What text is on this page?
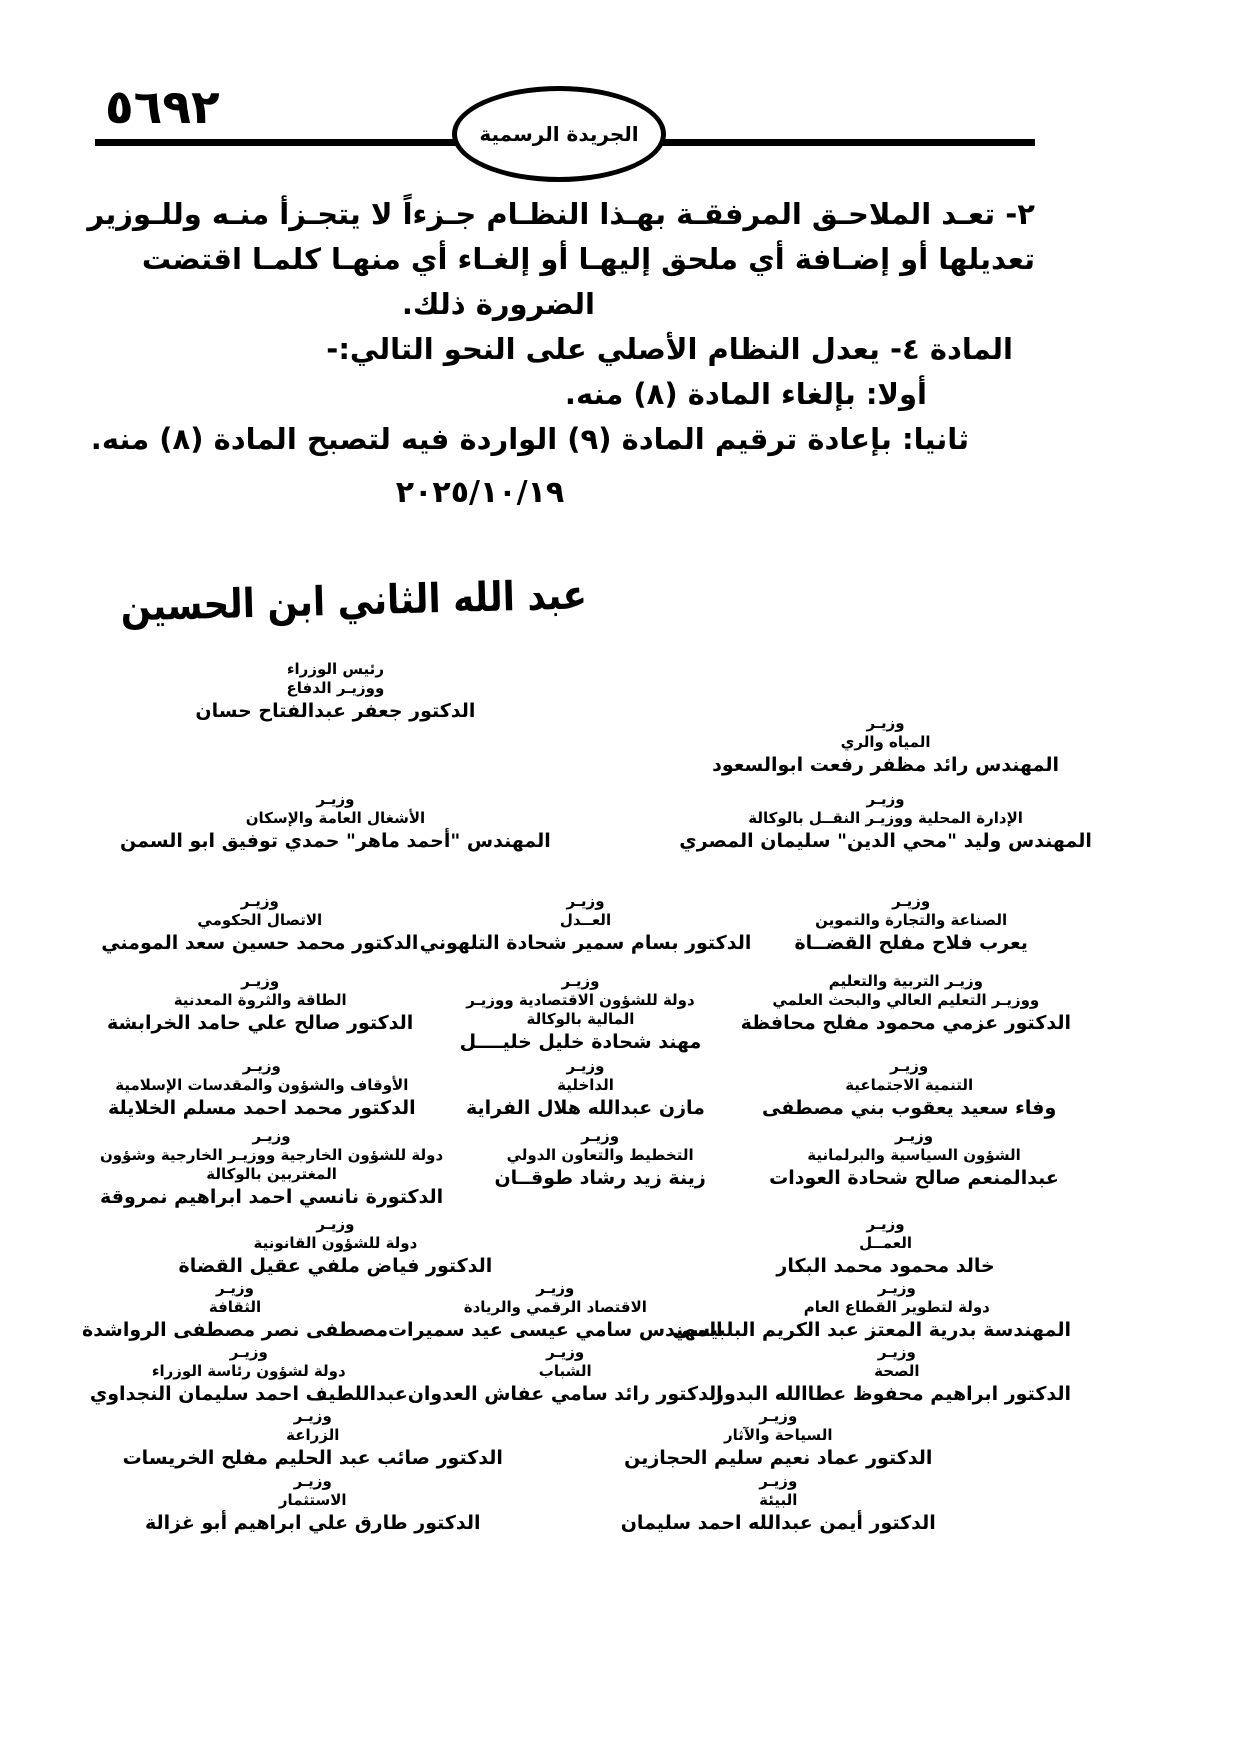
٥٦٩٢	الجريدة الرسمية
٢- تعـد الملاحـق المرفقـة بهـذا النظـام جـزءاً لا يتجـزأ منـه وللـوزير
تعديلها أو إضـافة أي ملحق إليهـا أو إلغـاء أي منهـا كلمـا اقتضت
الضرورة ذلك.
المادة ٤- يعدل النظام الأصلي على النحو التالي:-
أولا: بإلغاء المادة (٨) منه.
ثانيا: بإعادة ترقيم المادة (٩) الواردة فيه لتصبح المادة (٨) منه.
٢٠٢٥/١٠/١٩
عبد الله الثاني ابن الحسين
وزيـر
المياه والري
المهندس رائد مظفر رفعت ابوالسعود
رئيس الوزراء
ووزيـر الدفاع
الدكتور جعفر عبدالفتاح حسان
وزيـر
الإدارة المحلية ووزيـر النقــل بالوكالة
المهندس وليد "محي الدين" سليمان المصري
وزيـر
الأشغال العامة والإسكان
المهندس "أحمد ماهر" حمدي توفيق ابو السمن
وزيـر
الصناعة والتجارة والتموين
يعرب فلاح مفلح القضــاة
وزيـر
العــدل
الدكتور بسام سمير شحادة التلهوني
وزيـر
الاتصال الحكومي
الدكتور محمد حسين سعد المومني
وزيـر التربية والتعليم
ووزيـر التعليم العالي والبحث العلمي
الدكتور عزمي محمود مفلح محافظة
وزيـر
دولة للشؤون الاقتصادية ووزيـر
المالية بالوكالة
مهند شحادة خليل خليــــل
وزيـر
الطاقة والثروة المعدنية
الدكتور صالح علي حامد الخرابشة
وزيـر
التنمية الاجتماعية
وفاء سعيد يعقوب بني مصطفى
وزيـر
الداخلية
مازن عبدالله هلال الفراية
وزيـر
الأوقاف والشؤون والمقدسات الإسلامية
الدكتور محمد احمد مسلم الخلايلة
وزيـر
الشؤون السياسية والبرلمانية
عبدالمنعم صالح شحادة العودات
وزيـر
التخطيط والتعاون الدولي
زينة زيد رشاد طوقــان
وزيـر
دولة للشؤون الخارجية ووزيـر الخارجية وشؤون
المغتربين بالوكالة
الدكتورة نانسي احمد ابراهيم نمروقة
وزيـر
العمــل
خالد محمود محمد البكار
وزيـر
دولة للشؤون القانونية
الدكتور فياض ملفي عقيل القضاة
وزيـر
دولة لتطوير القطاع العام
المهندسة بدرية المعتز عبد الكريم البلبيسي
وزيـر
الاقتصاد الرقمي والريادة
المهندس سامي عيسى عيد سميرات
وزيـر
الثقافة
مصطفى نصر مصطفى الرواشدة
وزيـر
الصحة
الدكتور ابراهيم محفوظ عطاالله البدور
وزيـر
الشباب
الدكتور رائد سامي عفاش العدوان
وزيـر
دولة لشؤون رئاسة الوزراء
عبداللطيف احمد سليمان النجداوي
وزيـر
السياحة والآثار
الدكتور عماد نعيم سليم الحجازين
وزيـر
الزراعة
الدكتور صائب عبد الحليم مفلح الخريسات
وزيـر
البيئة
الدكتور أيمن عبدالله احمد سليمان
وزيـر
الاستثمار
الدكتور طارق علي ابراهيم أبو غزالة
